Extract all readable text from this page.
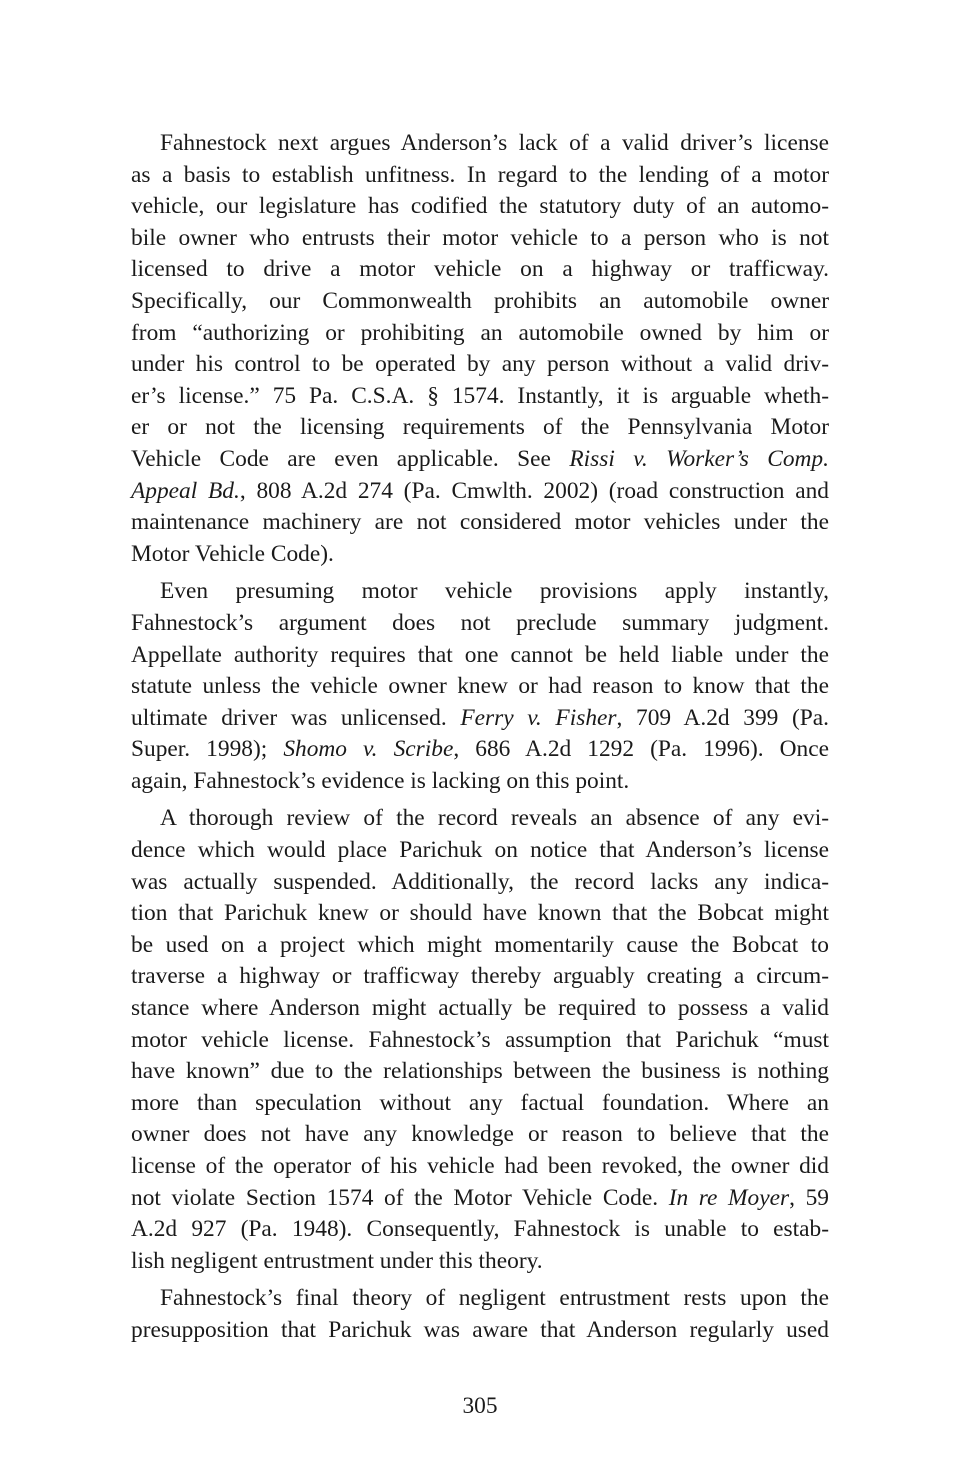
Fahnestock next argues Anderson’s lack of a valid driver’s license
as a basis to establish unfitness. In regard to the lending of a motor
vehicle, our legislature has codified the statutory duty of an automo-
bile owner who entrusts their motor vehicle to a person who is not
licensed to drive a motor vehicle on a highway or trafficway.
Specifically, our Commonwealth prohibits an automobile owner
from “authorizing or prohibiting an automobile owned by him or
under his control to be operated by any person without a valid driv-
er’s license.” 75 Pa. C.S.A. § 1574. Instantly, it is arguable wheth-
er or not the licensing requirements of the Pennsylvania Motor
Vehicle Code are even applicable. See Rissi v. Worker’s Comp.
Appeal Bd., 808 A.2d 274 (Pa. Cmwlth. 2002) (road construction and
maintenance machinery are not considered motor vehicles under the
Motor Vehicle Code).
Even presuming motor vehicle provisions apply instantly,
Fahnestock’s argument does not preclude summary judgment.
Appellate authority requires that one cannot be held liable under the
statute unless the vehicle owner knew or had reason to know that the
ultimate driver was unlicensed. Ferry v. Fisher, 709 A.2d 399 (Pa.
Super. 1998); Shomo v. Scribe, 686 A.2d 1292 (Pa. 1996). Once
again, Fahnestock’s evidence is lacking on this point.
A thorough review of the record reveals an absence of any evi-
dence which would place Parichuk on notice that Anderson’s license
was actually suspended. Additionally, the record lacks any indica-
tion that Parichuk knew or should have known that the Bobcat might
be used on a project which might momentarily cause the Bobcat to
traverse a highway or trafficway thereby arguably creating a circum-
stance where Anderson might actually be required to possess a valid
motor vehicle license. Fahnestock’s assumption that Parichuk “must
have known” due to the relationships between the business is nothing
more than speculation without any factual foundation. Where an
owner does not have any knowledge or reason to believe that the
license of the operator of his vehicle had been revoked, the owner did
not violate Section 1574 of the Motor Vehicle Code. In re Moyer, 59
A.2d 927 (Pa. 1948). Consequently, Fahnestock is unable to estab-
lish negligent entrustment under this theory.
Fahnestock’s final theory of negligent entrustment rests upon the
presupposition that Parichuk was aware that Anderson regularly used
305
